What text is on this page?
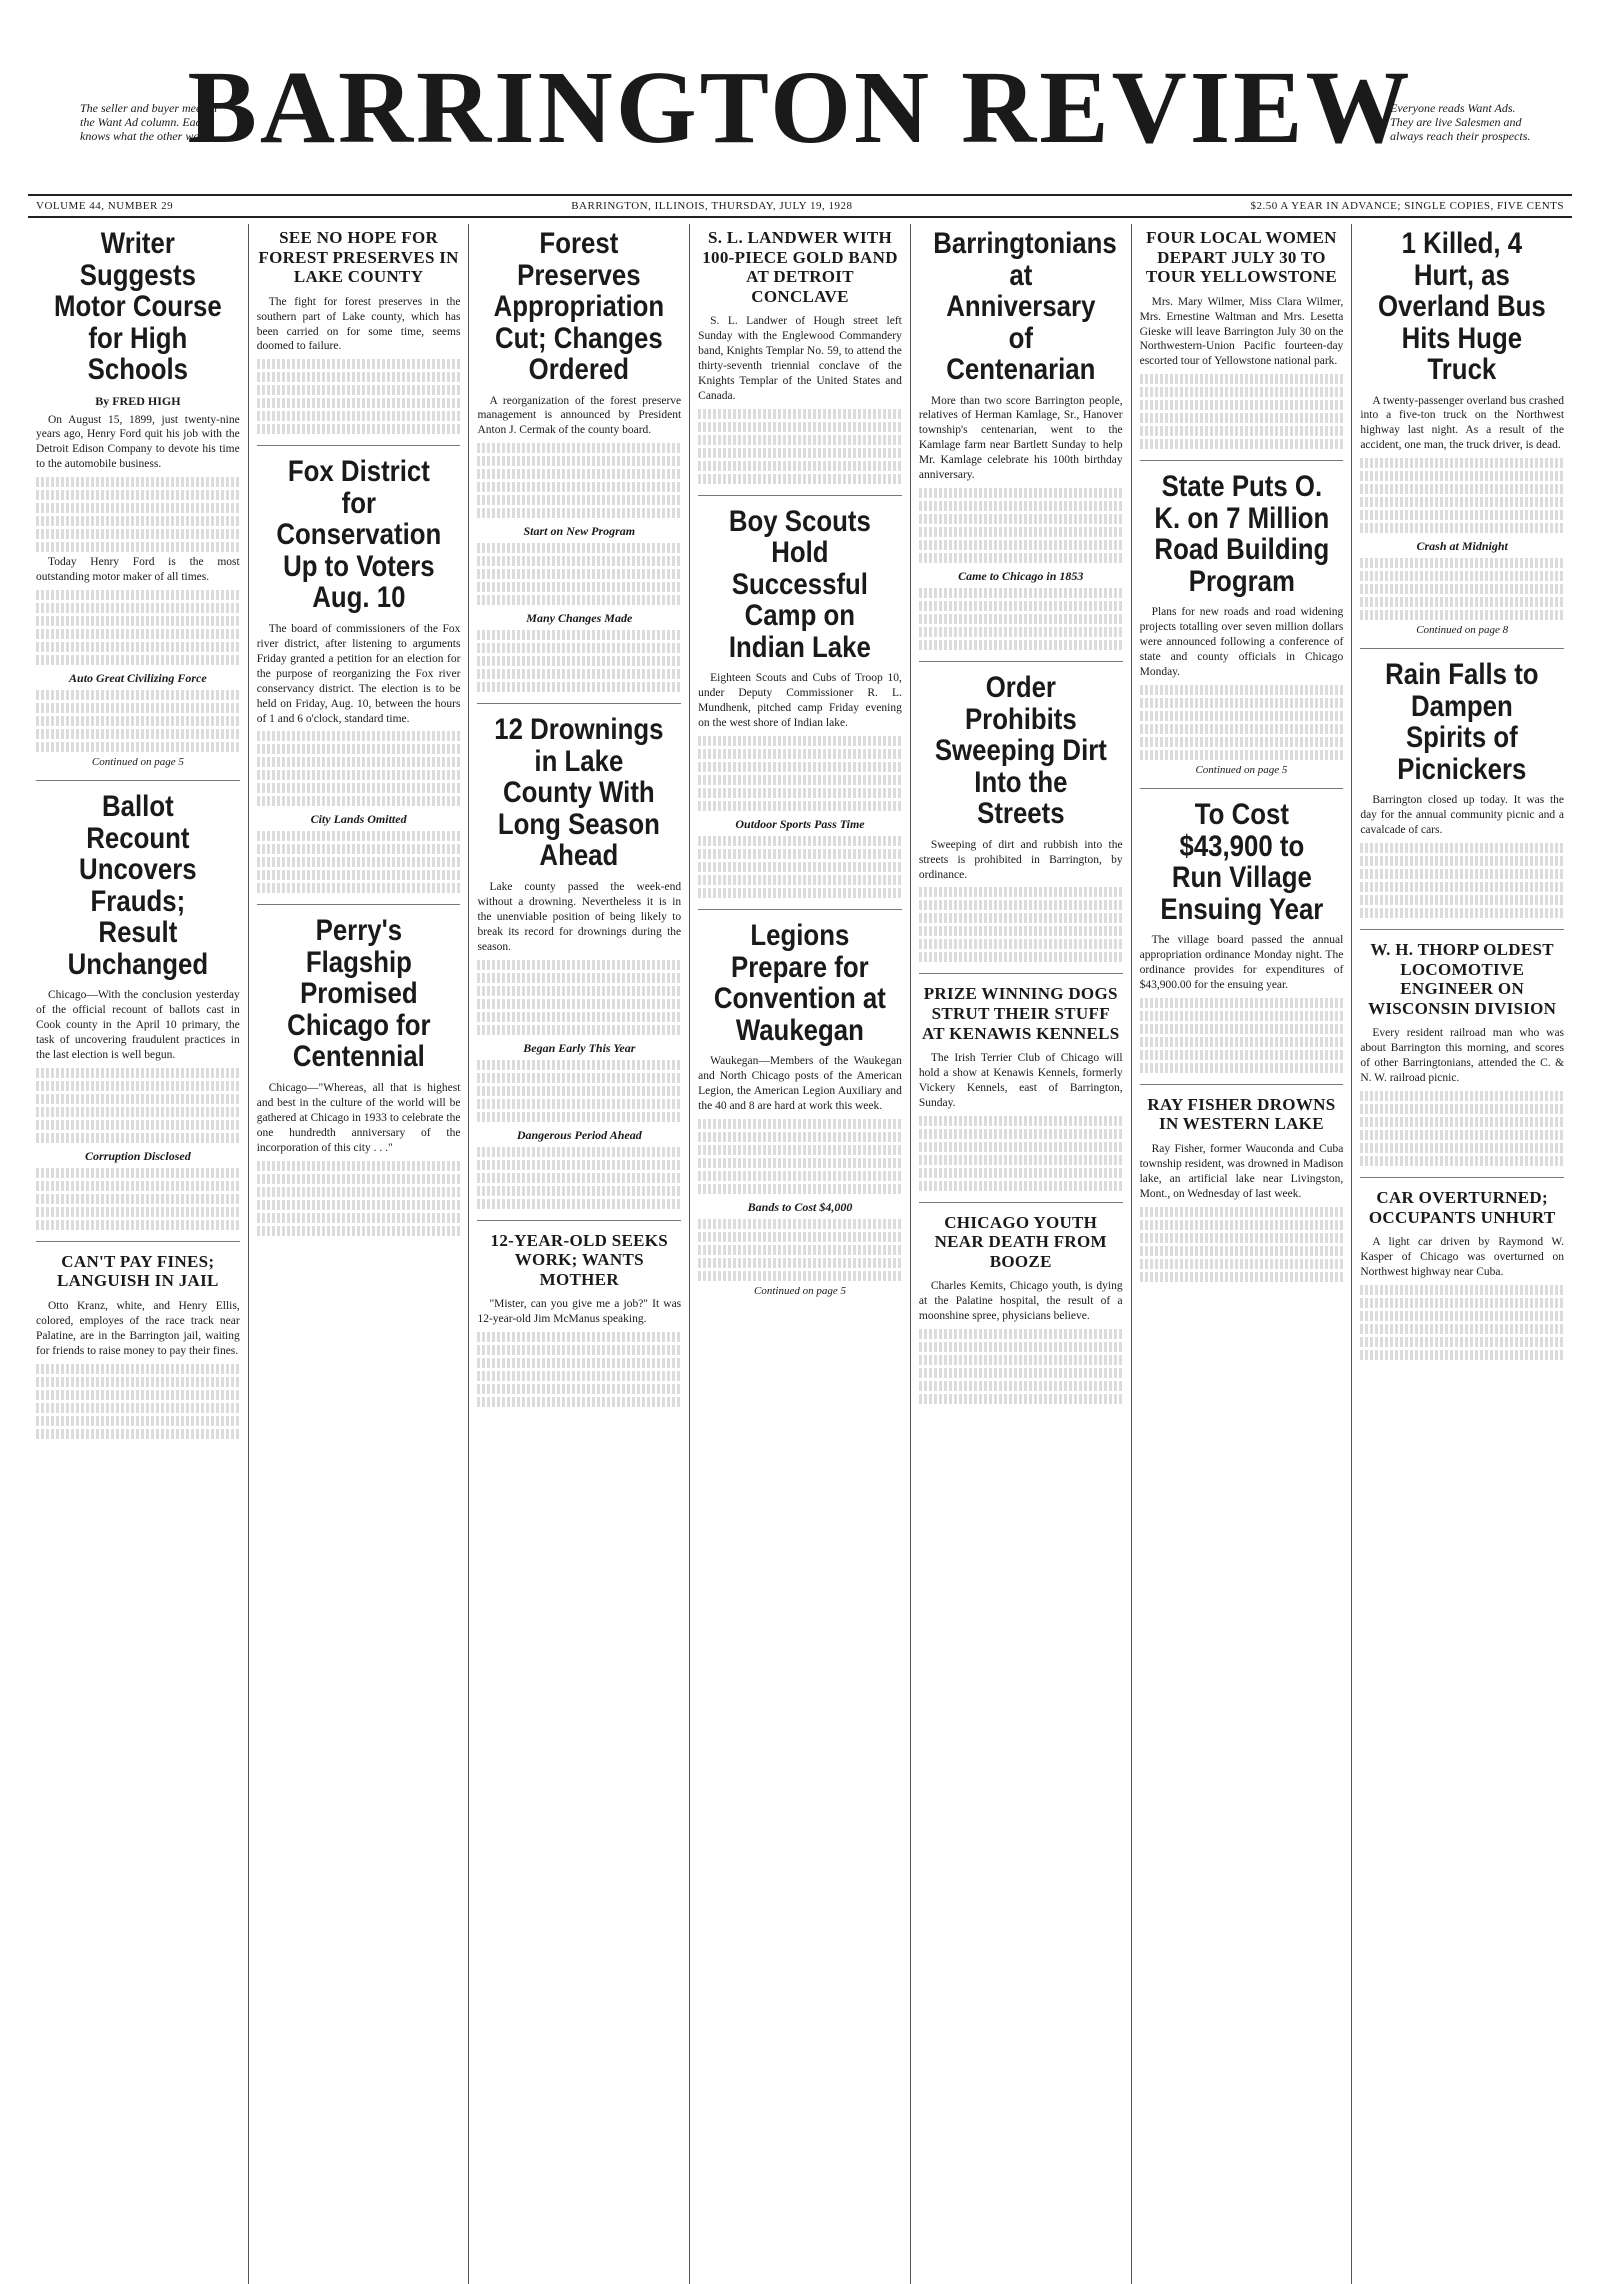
The seller and buyer meet in the Want Ad column. Each knows what the other wants.
BARRINGTON REVIEW
Everyone reads Want Ads. They are live Salesmen and always reach their prospects.
VOLUME 44, NUMBER 29	BARRINGTON, ILLINOIS, THURSDAY, JULY 19, 1928	$2.50 A YEAR IN ADVANCE; SINGLE COPIES, FIVE CENTS
Writer Suggests Motor Course for High Schools
By FRED HIGH

On August 15, 1899, just twenty-nine years ago, Henry Ford quit his job with the Detroit Edison Company to devote his time to the automobile business.

Today Henry Ford is the most outstanding motor maker of all times.

Auto Great Civilizing Force
Continued on page 5
Ballot Recount Uncovers Frauds; Result Unchanged

Chicago—With the conclusion yesterday of the official recount of ballots cast in Cook county in the April 10 primary, the task of uncovering fraudulent practices in the last election is well begun.

Corruption Disclosed
CAN'T PAY FINES; LANGUISH IN JAIL

Otto Kranz, white, and Henry Ellis, colored, employes of the race track near Palatine, are in the Barrington jail, waiting for friends to raise money to pay their fines.

SEE NO HOPE FOR FOREST PRESERVES IN LAKE COUNTY

The fight for forest preserves in the southern part of Lake county, which has been carried on for some time, seems doomed to failure.

Fox District for Conservation Up to Voters Aug. 10

The board of commissioners of the Fox river district, after listening to arguments Friday granted a petition for an election for the purpose of reorganizing the Fox river conservancy district. The election is to be held on Friday, Aug. 10, between the hours of 1 and 6 o'clock, standard time.

City Lands Omitted
Perry's Flagship Promised Chicago for Centennial

Chicago—"Whereas, all that is highest and best in the culture of the world will be gathered at Chicago in 1933 to celebrate the one hundredth anniversary of the incorporation of this city . . ."

Forest Preserves Appropriation Cut; Changes Ordered

A reorganization of the forest preserve management is announced by President Anton J. Cermak of the county board.

Start on New Program
Many Changes Made
12 Drownings in Lake County With Long Season Ahead

Lake county passed the week-end without a drowning. Nevertheless it is in the unenviable position of being likely to break its record for drownings during the season.

Began Early This Year
Dangerous Period Ahead
12-YEAR-OLD SEEKS WORK; WANTS MOTHER

"Mister, can you give me a job?" It was 12-year-old Jim McManus speaking.

S. L. LANDWER WITH 100-PIECE GOLD BAND AT DETROIT CONCLAVE

S. L. Landwer of Hough street left Sunday with the Englewood Commandery band, Knights Templar No. 59, to attend the thirty-seventh triennial conclave of the Knights Templar of the United States and Canada.

Boy Scouts Hold Successful Camp on Indian Lake

Eighteen Scouts and Cubs of Troop 10, under Deputy Commissioner R. L. Mundhenk, pitched camp Friday evening on the west shore of Indian lake.

Outdoor Sports Pass Time
Legions Prepare for Convention at Waukegan

Waukegan—Members of the Waukegan and North Chicago posts of the American Legion, the American Legion Auxiliary and the 40 and 8 are hard at work this week.

Bands to Cost $4,000
Continued on page 5
Barringtonians at Anniversary of Centenarian

More than two score Barrington people, relatives of Herman Kamlage, Sr., Hanover township's centenarian, went to the Kamlage farm near Bartlett Sunday to help Mr. Kamlage celebrate his 100th birthday anniversary.

Came to Chicago in 1853
Order Prohibits Sweeping Dirt Into the Streets

Sweeping of dirt and rubbish into the streets is prohibited in Barrington, by ordinance.

PRIZE WINNING DOGS STRUT THEIR STUFF AT KENAWIS KENNELS

The Irish Terrier Club of Chicago will hold a show at Kenawis Kennels, formerly Vickery Kennels, east of Barrington, Sunday.

CHICAGO YOUTH NEAR DEATH FROM BOOZE

Charles Kemits, Chicago youth, is dying at the Palatine hospital, the result of a moonshine spree, physicians believe.

FOUR LOCAL WOMEN DEPART JULY 30 TO TOUR YELLOWSTONE

Mrs. Mary Wilmer, Miss Clara Wilmer, Mrs. Ernestine Waltman and Mrs. Lesetta Gieske will leave Barrington July 30 on the Northwestern-Union Pacific fourteen-day escorted tour of Yellowstone national park.

State Puts O. K. on 7 Million Road Building Program

Plans for new roads and road widening projects totalling over seven million dollars were announced following a conference of state and county officials in Chicago Monday.

Continued on page 5
To Cost $43,900 to Run Village Ensuing Year

The village board passed the annual appropriation ordinance Monday night. The ordinance provides for expenditures of $43,900.00 for the ensuing year.

RAY FISHER DROWNS IN WESTERN LAKE

Ray Fisher, former Wauconda and Cuba township resident, was drowned in Madison lake, an artificial lake near Livingston, Mont., on Wednesday of last week.

1 Killed, 4 Hurt, as Overland Bus Hits Huge Truck

A twenty-passenger overland bus crashed into a five-ton truck on the Northwest highway last night. As a result of the accident, one man, the truck driver, is dead.

Crash at Midnight
Continued on page 8
Rain Falls to Dampen Spirits of Picnickers

Barrington closed up today. It was the day for the annual community picnic and a cavalcade of cars.

W. H. THORP OLDEST LOCOMOTIVE ENGINEER ON WISCONSIN DIVISION

Every resident railroad man who was about Barrington this morning, and scores of other Barringtonians, attended the C. & N. W. railroad picnic.

CAR OVERTURNED; OCCUPANTS UNHURT

A light car driven by Raymond W. Kasper of Chicago was overturned on Northwest highway near Cuba.
